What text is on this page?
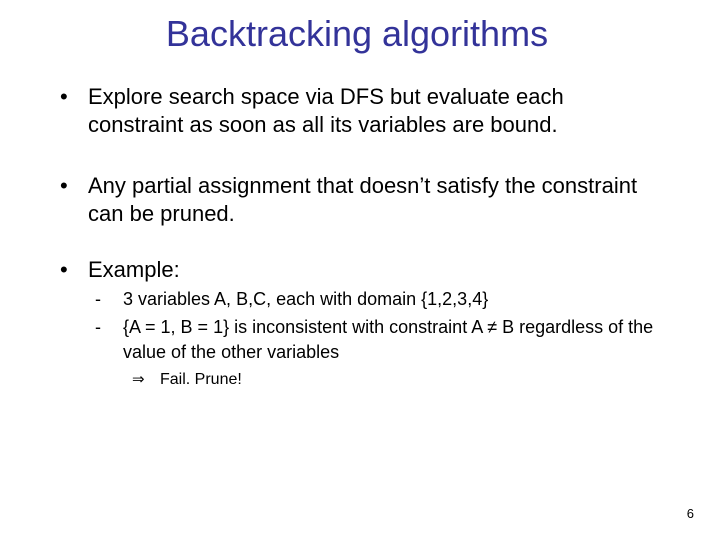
Backtracking algorithms
• Explore search space via DFS but evaluate each constraint as soon as all its variables are bound.
• Any partial assignment that doesn’t satisfy the constraint can be pruned.
• Example:
-	3 variables A, B,C, each with domain {1,2,3,4}
-	{A = 1, B = 1} is inconsistent with constraint A ≠ B regardless of the value of the other variables
⇒ Fail. Prune!
6
